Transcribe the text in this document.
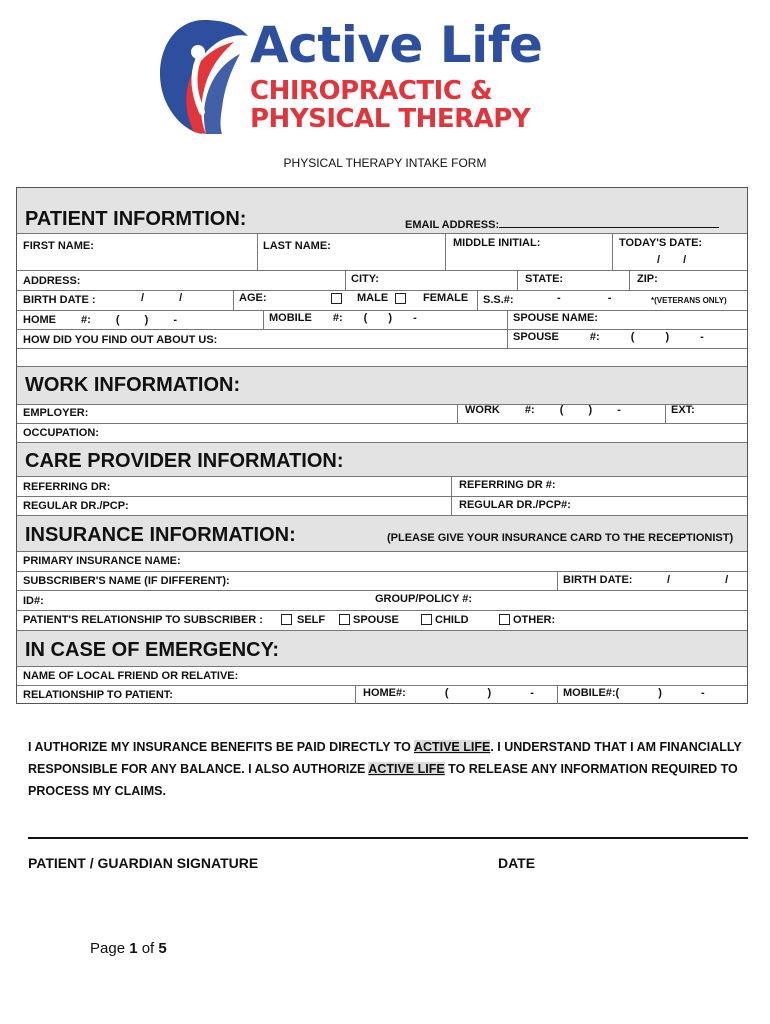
Active Life
CHIROPRACTIC &
PHYSICAL THERAPY
PHYSICAL THERAPY INTAKE FORM
PATIENT INFORMTION:	EMAIL ADDRESS:
FIRST NAME:	LAST NAME:	MIDDLE INITIAL:	TODAY'S DATE:
/ /
ADDRESS:	CITY:	STATE:	ZIP:
BIRTH DATE :	/ /	AGE:	MALE	FEMALE S.S.#:	- -	*(VETERANS ONLY)
HOME #: ( ) -	MOBILE #: ( ) -	SPOUSE NAME:
HOW DID YOU FIND OUT ABOUT US:	SPOUSE #: ( ) -
WORK INFORMATION:
EMPLOYER:	WORK #: ( ) -	EXT:
OCCUPATION:
CARE PROVIDER INFORMATION:
REFERRING DR:	REFERRING DR #:
REGULAR DR./PCP:	REGULAR DR./PCP#:
INSURANCE INFORMATION:	(PLEASE GIVE YOUR INSURANCE CARD TO THE RECEPTIONIST)
PRIMARY INSURANCE NAME:
SUBSCRIBER'S NAME (IF DIFFERENT):	BIRTH DATE:	/ /
ID#:	GROUP/POLICY #:
PATIENT'S RELATIONSHIP TO SUBSCRIBER :	SELF	SPOUSE	CHILD	OTHER:
IN CASE OF EMERGENCY:
NAME OF LOCAL FRIEND OR RELATIVE:
RELATIONSHIP TO PATIENT:	HOME#: ( ) -	MOBILE#:( ) -
I AUTHORIZE MY INSURANCE BENEFITS BE PAID DIRECTLY TO ACTIVE LIFE. I UNDERSTAND THAT I AM FINANCIALLY RESPONSIBLE FOR ANY BALANCE. I ALSO AUTHORIZE ACTIVE LIFE TO RELEASE ANY INFORMATION REQUIRED TO PROCESS MY CLAIMS.
PATIENT / GUARDIAN SIGNATURE	DATE
Page 1 of 5
